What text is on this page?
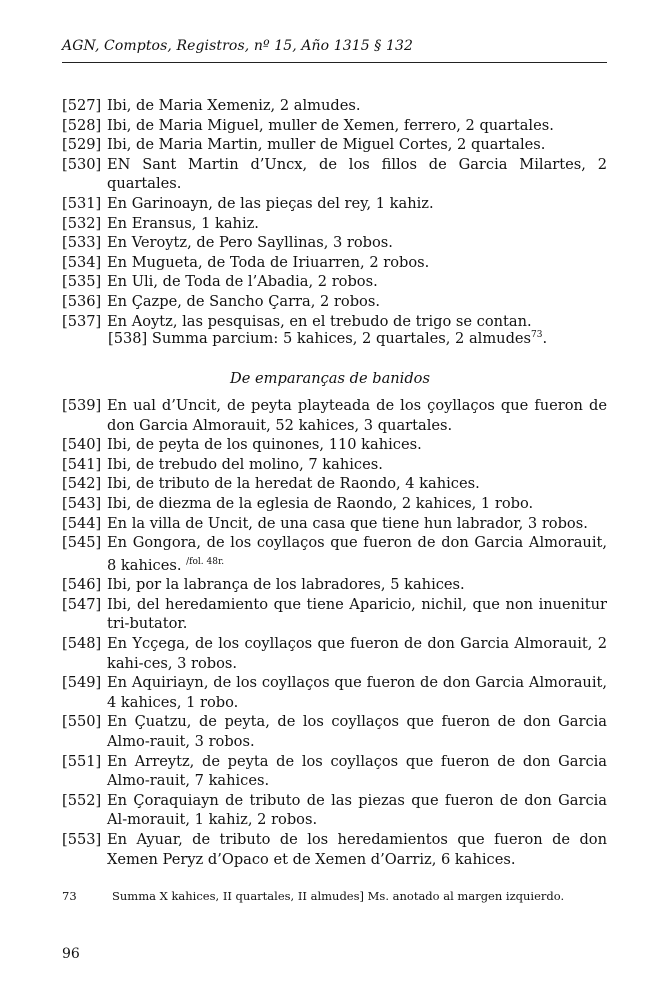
AGN, Comptos, Registros, nº 15, Año 1315 § 132
[527] Ibi, de Maria Xemeniz, 2 almudes.
[528] Ibi, de Maria Miguel, muller de Xemen, ferrero, 2 quartales.
[529] Ibi, de Maria Martin, muller de Miguel Cortes, 2 quartales.
[530] EN Sant Martin d’Uncx, de los fillos de Garcia Milartes, 2 quartales.
[531] En Garinoayn, de las pieças del rey, 1 kahiz.
[532] En Eransus, 1 kahiz.
[533] En Veroytz, de Pero Sayllinas, 3 robos.
[534] En Mugueta, de Toda de Iriuarren, 2 robos.
[535] En Uli, de Toda de l’Abadia, 2 robos.
[536] En Çazpe, de Sancho Çarra, 2 robos.
[537] En Aoytz, las pesquisas, en el trebudo de trigo se contan.
[538] Summa parcium: 5 kahices, 2 quartales, 2 almudes$^{73}$.
De emparanças de banidos
[539] En ual d’Uncit, de peyta playteada de los çoyllaços que fueron de don Garcia Almorauit, 52 kahices, 3 quartales.
[540] Ibi, de peyta de los quinones, 110 kahices.
[541] Ibi, de trebudo del molino, 7 kahices.
[542] Ibi, de tributo de la heredat de Raondo, 4 kahices.
[543] Ibi, de diezma de la eglesia de Raondo, 2 kahices, 1 robo.
[544] En la villa de Uncit, de una casa que tiene hun labrador, 3 robos.
[545] En Gongora, de los coyllaços que fueron de don Garcia Almorauit, 8 kahices. $^{/fol. 48r.}$
[546] Ibi, por la labrança de los labradores, 5 kahices.
[547] Ibi, del heredamiento que tiene Aparicio, nichil, que non inuenitur tri-butator.
[548] En Ycçega, de los coyllaços que fueron de don Garcia Almorauit, 2 kahi-ces, 3 robos.
[549] En Aquiriayn, de los coyllaços que fueron de don Garcia Almorauit, 4 kahices, 1 robo.
[550] En Çuatzu, de peyta, de los coyllaços que fueron de don Garcia Almo-rauit, 3 robos.
[551] En Arreytz, de peyta de los coyllaços que fueron de don Garcia Almo-rauit, 7 kahices.
[552] En Çoraquiayn de tributo de las piezas que fueron de don Garcia Al-morauit, 1 kahiz, 2 robos.
[553] En Ayuar, de tributo de los heredamientos que fueron de don Xemen Peryz d’Opaco et de Xemen d’Oarriz, 6 kahices.
73	Summa X kahices, II quartales, II almudes] Ms. anotado al margen izquierdo.
96
